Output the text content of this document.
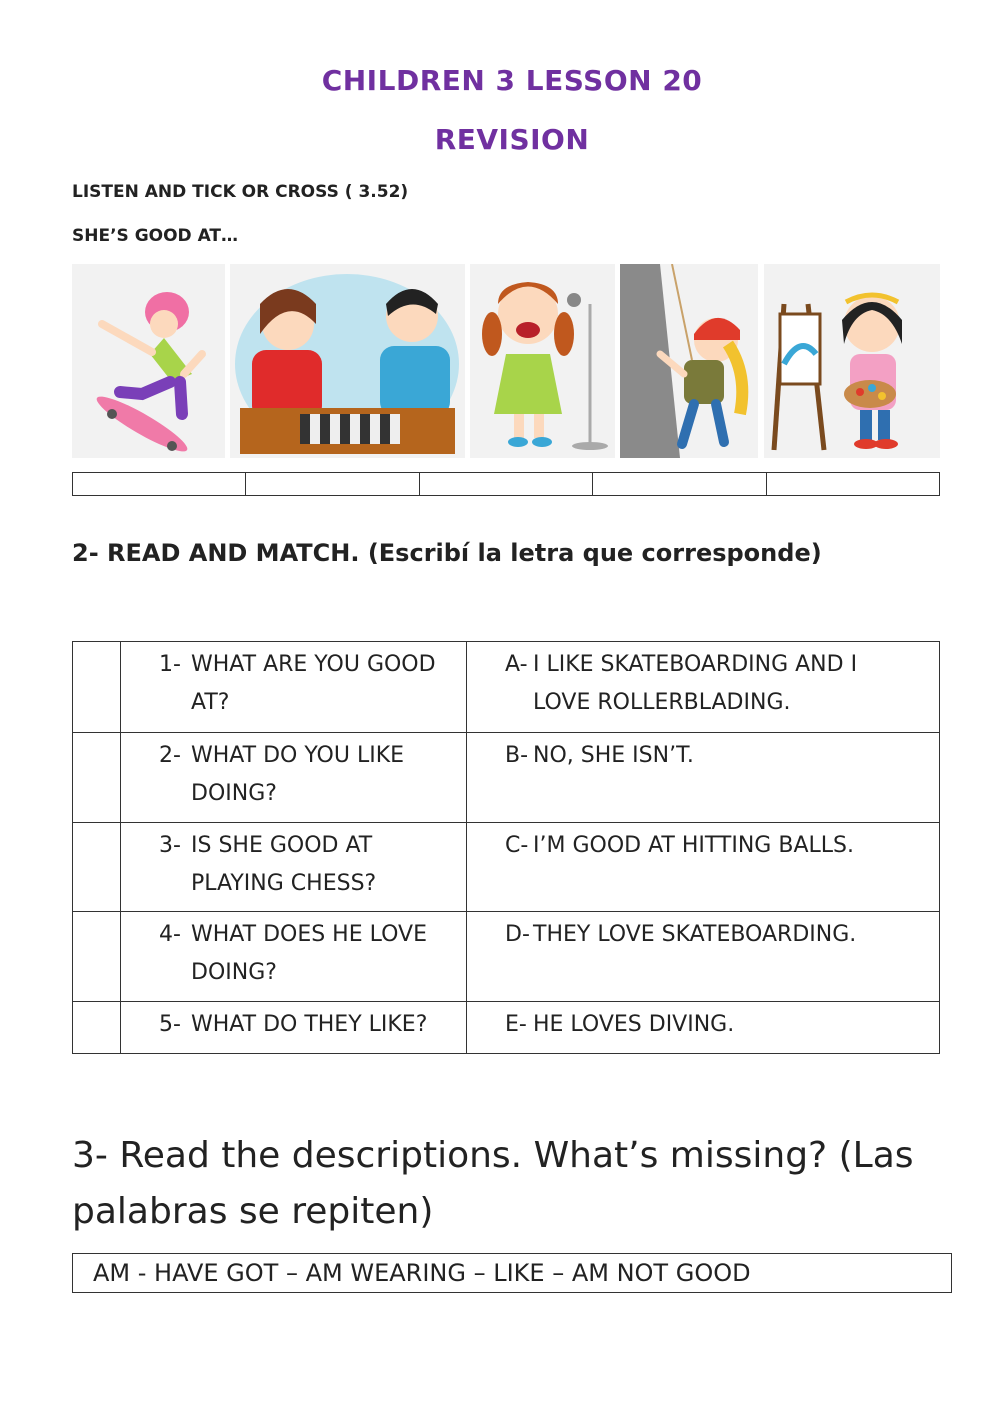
CHILDREN 3 LESSON 20
REVISION
LISTEN AND TICK OR CROSS ( 3.52)
SHE’S GOOD AT…
2- READ AND MATCH. (Escribí la letra que corresponde)
	1- WHAT ARE YOU GOOD AT?	A- I LIKE SKATEBOARDING AND I LOVE ROLLERBLADING.
	2- WHAT DO YOU LIKE DOING?	B- NO, SHE ISN’T.
	3- IS SHE GOOD AT PLAYING CHESS?	C- I’M GOOD AT HITTING BALLS.
	4- WHAT DOES HE LOVE DOING?	D- THEY LOVE SKATEBOARDING.
	5- WHAT DO THEY LIKE?	E- HE LOVES DIVING.
3- Read the descriptions. What’s missing? (Las palabras se repiten)
AM - HAVE GOT – AM WEARING – LIKE – AM NOT GOOD
